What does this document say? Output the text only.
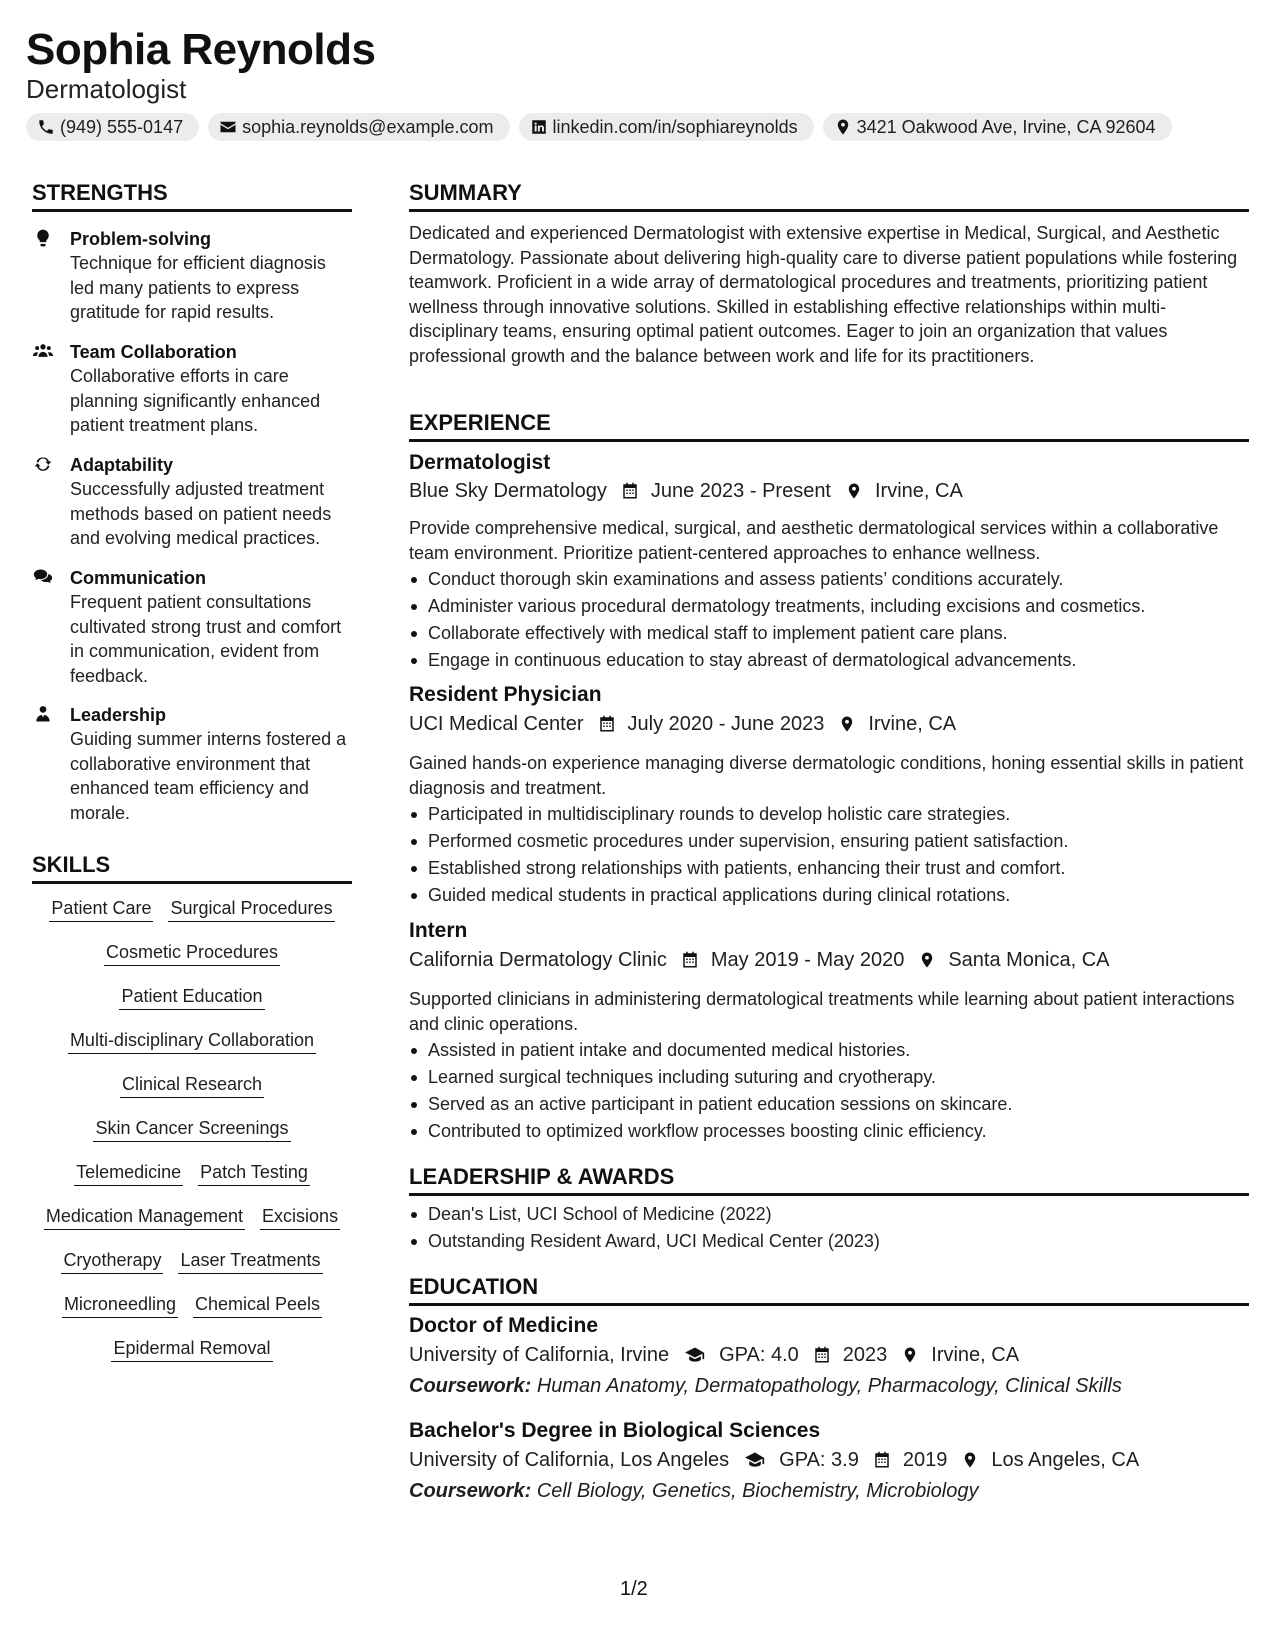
Sophia Reynolds
Dermatologist
(949) 555-0147	sophia.reynolds@example.com	linkedin.com/in/sophiareynolds	3421 Oakwood Ave, Irvine, CA 92604
STRENGTHS
Problem-solving
Technique for efficient diagnosis led many patients to express gratitude for rapid results.
Team Collaboration
Collaborative efforts in care planning significantly enhanced patient treatment plans.
Adaptability
Successfully adjusted treatment methods based on patient needs and evolving medical practices.
Communication
Frequent patient consultations cultivated strong trust and comfort in communication, evident from feedback.
Leadership
Guiding summer interns fostered a collaborative environment that enhanced team efficiency and morale.
SKILLS
Patient Care Surgical Procedures
Cosmetic Procedures
Patient Education
Multi-disciplinary Collaboration
Clinical Research
Skin Cancer Screenings
Telemedicine Patch Testing
Medication Management Excisions
Cryotherapy Laser Treatments
Microneedling Chemical Peels
Epidermal Removal
SUMMARY
Dedicated and experienced Dermatologist with extensive expertise in Medical, Surgical, and Aesthetic Dermatology. Passionate about delivering high-quality care to diverse patient populations while fostering teamwork. Proficient in a wide array of dermatological procedures and treatments, prioritizing patient wellness through innovative solutions. Skilled in establishing effective relationships within multi-disciplinary teams, ensuring optimal patient outcomes. Eager to join an organization that values professional growth and the balance between work and life for its practitioners.
EXPERIENCE
Dermatologist
Blue Sky Dermatology June 2023 - Present Irvine, CA
Provide comprehensive medical, surgical, and aesthetic dermatological services within a collaborative team environment. Prioritize patient-centered approaches to enhance wellness.
Conduct thorough skin examinations and assess patients’ conditions accurately.
Administer various procedural dermatology treatments, including excisions and cosmetics.
Collaborate effectively with medical staff to implement patient care plans.
Engage in continuous education to stay abreast of dermatological advancements.
Resident Physician
UCI Medical Center July 2020 - June 2023 Irvine, CA
Gained hands-on experience managing diverse dermatologic conditions, honing essential skills in patient diagnosis and treatment.
Participated in multidisciplinary rounds to develop holistic care strategies.
Performed cosmetic procedures under supervision, ensuring patient satisfaction.
Established strong relationships with patients, enhancing their trust and comfort.
Guided medical students in practical applications during clinical rotations.
Intern
California Dermatology Clinic May 2019 - May 2020 Santa Monica, CA
Supported clinicians in administering dermatological treatments while learning about patient interactions and clinic operations.
Assisted in patient intake and documented medical histories.
Learned surgical techniques including suturing and cryotherapy.
Served as an active participant in patient education sessions on skincare.
Contributed to optimized workflow processes boosting clinic efficiency.
LEADERSHIP & AWARDS
Dean's List, UCI School of Medicine (2022)
Outstanding Resident Award, UCI Medical Center (2023)
EDUCATION
Doctor of Medicine
University of California, Irvine	GPA: 4.0 2023 Irvine, CA
Coursework: Human Anatomy, Dermatopathology, Pharmacology, Clinical Skills
Bachelor's Degree in Biological Sciences
University of California, Los Angeles	GPA: 3.9 2019 Los Angeles, CA
Coursework: Cell Biology, Genetics, Biochemistry, Microbiology
1/2
